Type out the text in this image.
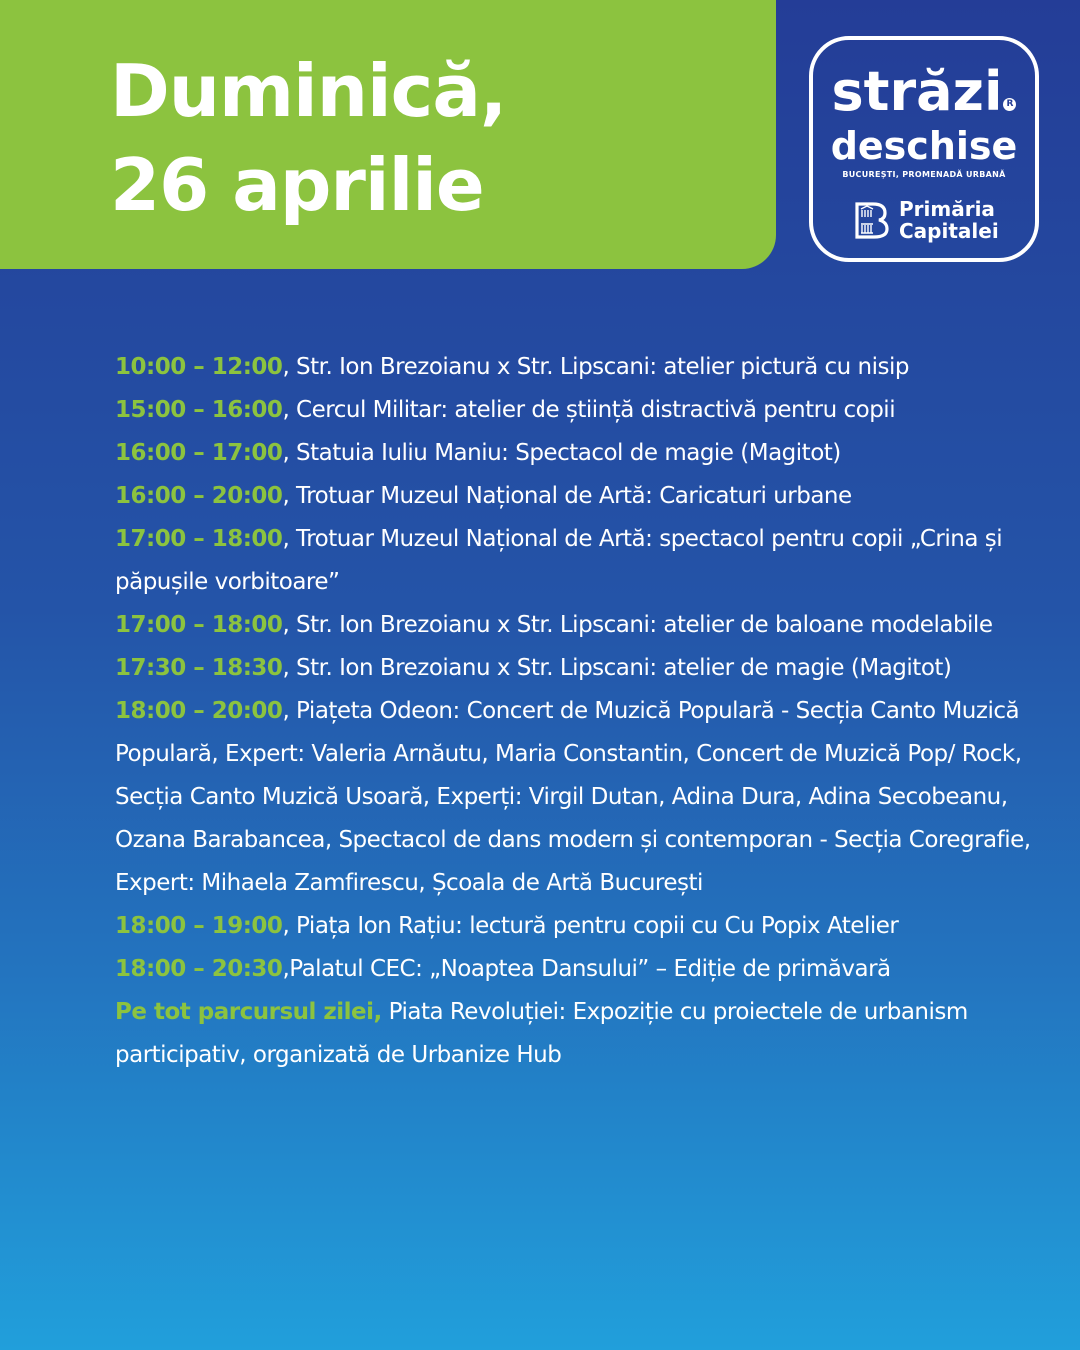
Duminică,
26 aprilie
străzi R
deschise
BUCUREȘTI, PROMENADĂ URBANĂ
Primăria
Capitalei

10:00 – 12:00, Str. Ion Brezoianu x Str. Lipscani: atelier pictură cu nisip

15:00 – 16:00, Cercul Militar: atelier de știință distractivă pentru copii

16:00 – 17:00, Statuia Iuliu Maniu: Spectacol de magie (Magitot)

16:00 – 20:00, Trotuar Muzeul Național de Artă: Caricaturi urbane

17:00 – 18:00, Trotuar Muzeul Național de Artă: spectacol pentru copii „Crina și păpușile vorbitoare”

17:00 – 18:00, Str. Ion Brezoianu x Str. Lipscani: atelier de baloane modelabile

17:30 – 18:30, Str. Ion Brezoianu x Str. Lipscani: atelier de magie (Magitot)

18:00 – 20:00, Piațeta Odeon: Concert de Muzică Populară - Secția Canto Muzică Populară, Expert: Valeria Arnăutu, Maria Constantin, Concert de Muzică Pop/ Rock, Secția Canto Muzică Usoară, Experți: Virgil Dutan, Adina Dura, Adina Secobeanu, Ozana Barabancea, Spectacol de dans modern și contemporan - Secția Coregrafie, Expert: Mihaela Zamfirescu, Școala de Artă București

18:00 – 19:00, Piața Ion Rațiu: lectură pentru copii cu Cu Popix Atelier

18:00 – 20:30,Palatul CEC: „Noaptea Dansului” – Ediție de primăvară

Pe tot parcursul zilei, Piata Revoluției: Expoziție cu proiectele de urbanism participativ, organizată de Urbanize Hub
